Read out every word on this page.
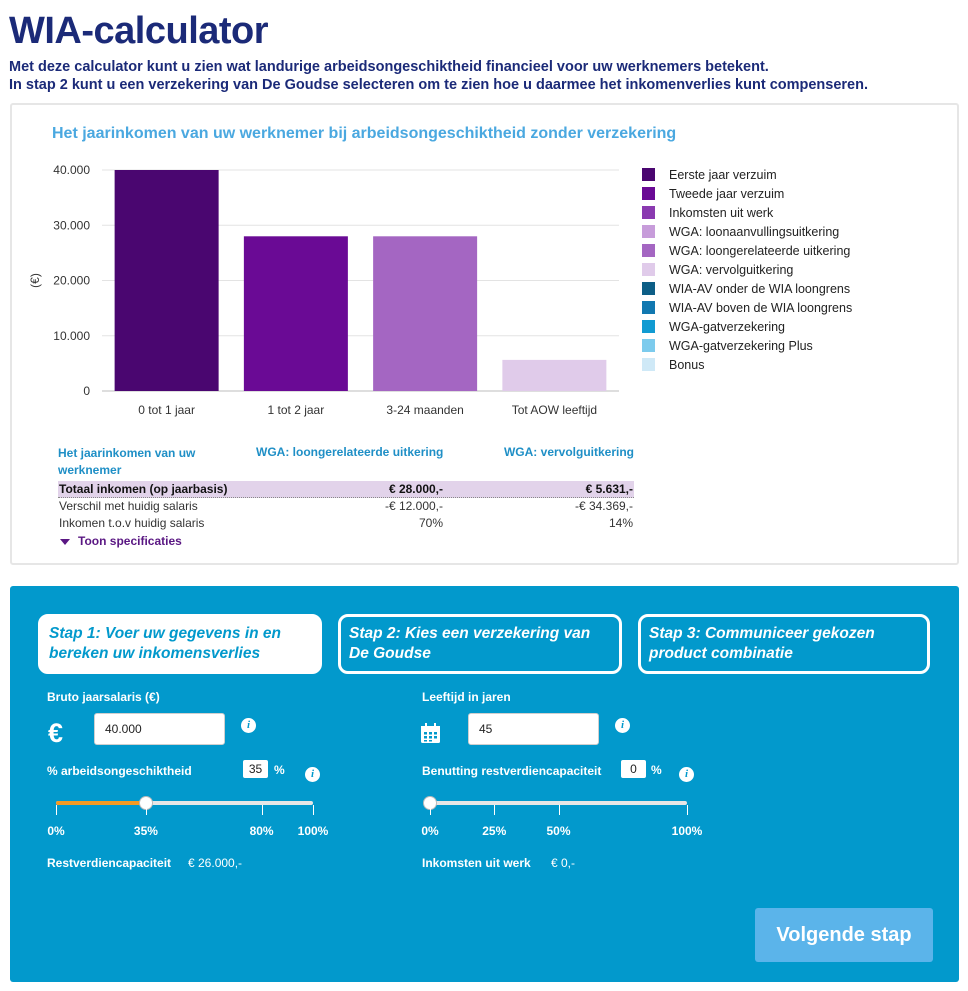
WIA-calculator
Met deze calculator kunt u zien wat landurige arbeidsongeschiktheid financieel voor uw werknemers betekent.
In stap 2 kunt u een verzekering van De Goudse selecteren om te zien hoe u daarmee het inkomenverlies kunt compenseren.
Het jaarinkomen van uw werknemer bij arbeidsongeschiktheid zonder verzekering
0
10.000
20.000
30.000
40.000
(€)
0 tot 1 jaar	1 tot 2 jaar	3-24 maanden	Tot AOW leeftijd
Eerste jaar verzuim
Tweede jaar verzuim
Inkomsten uit werk
WGA: loonaanvullingsuitkering
WGA: loongerelateerde uitkering
WGA: vervolguitkering
WIA-AV onder de WIA loongrens
WIA-AV boven de WIA loongrens
WGA-gatverzekering
WGA-gatverzekering Plus
Bonus
Het jaarinkomen van uw werknemer
WGA: loongerelateerde uitkering	WGA: vervolguitkering
Totaal inkomen (op jaarbasis)	€ 28.000,-	€ 5.631,-
Verschil met huidig salaris	-€ 12.000,-	-€ 34.369,-
Inkomen t.o.v huidig salaris	70%	14%
Toon specificaties
Stap 1: Voer uw gegevens in en bereken uw inkomensverlies
Stap 2: Kies een verzekering van De Goudse
Stap 3: Communiceer gekozen product combinatie
Bruto jaarsalaris (€)
€	40.000	i
% arbeidsongeschiktheid	35 %	i
0%	35%	80% 100%
Restverdiencapaciteit € 26.000,-
Leeftijd in jaren
45	i
Benutting restverdiencapaciteit	0	%	i
0%	25%	50%	100%
Inkomsten uit werk € 0,-
Volgende stap
